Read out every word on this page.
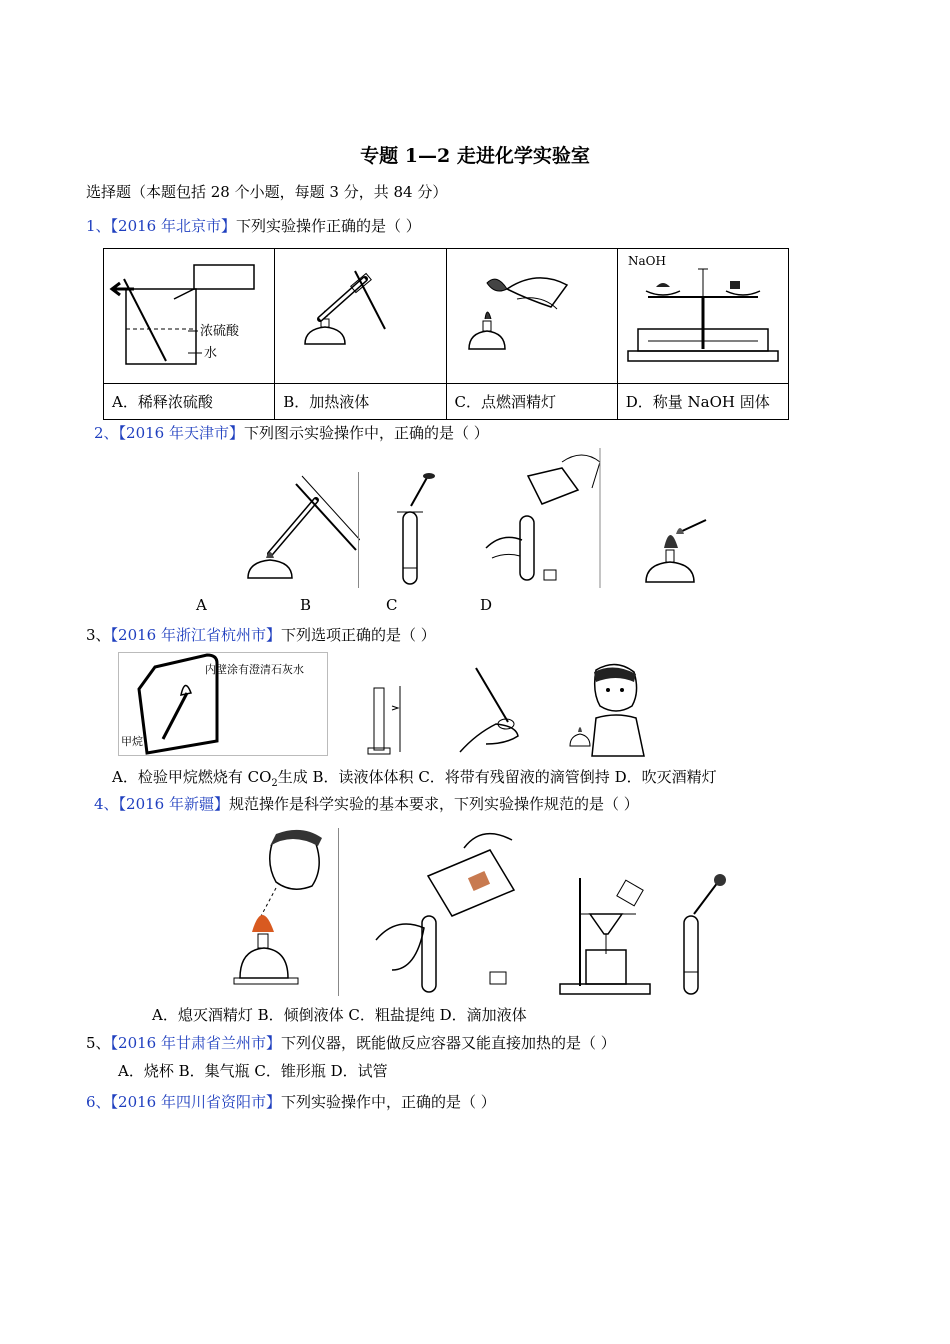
专题 1—2 走进化学实验室
选择题（本题包括 28 个小题，每题 3 分，共 84 分）
1、【2016 年北京市】下列实验操作正确的是（ ）
浓硫酸
水			NaOH

A．稀释浓硫酸	B．加热液体	C．点燃酒精灯	D．称量 NaOH 固体
2、【2016 年天津市】下列图示实验操作中，正确的是（ ）
A	B	C	D
3、【2016 年浙江省杭州市】下列选项正确的是（ ）
内壁涂有澄清石灰水
甲烷
A．检验甲烷燃烧有 $CO_2$生成 B．读液体体积 C．将带有残留液的滴管倒持 D．吹灭酒精灯
4、【2016 年新疆】规范操作是科学实验的基本要求，下列实验操作规范的是（ ）
A．熄灭酒精灯 B．倾倒液体 C．粗盐提纯 D．滴加液体
5、【2016 年甘肃省兰州市】下列仪器，既能做反应容器又能直接加热的是（ ）
A．烧杯 B．集气瓶 C．锥形瓶 D．试管
6、【2016 年四川省资阳市】下列实验操作中，正确的是（ ）
